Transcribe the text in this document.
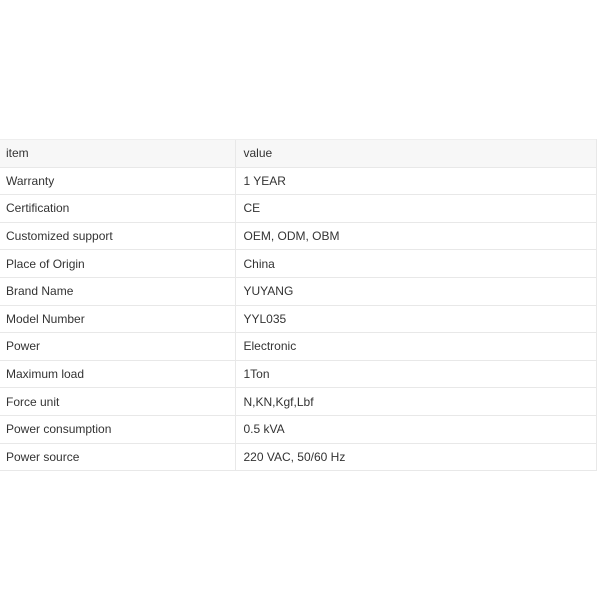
item	value
Warranty	1 YEAR
Certification	CE
Customized support	OEM, ODM, OBM
Place of Origin	China
Brand Name	YUYANG
Model Number	YYL035
Power	Electronic
Maximum load	1Ton
Force unit	N,KN,Kgf,Lbf
Power consumption	0.5 kVA
Power source	220 VAC, 50/60 Hz
